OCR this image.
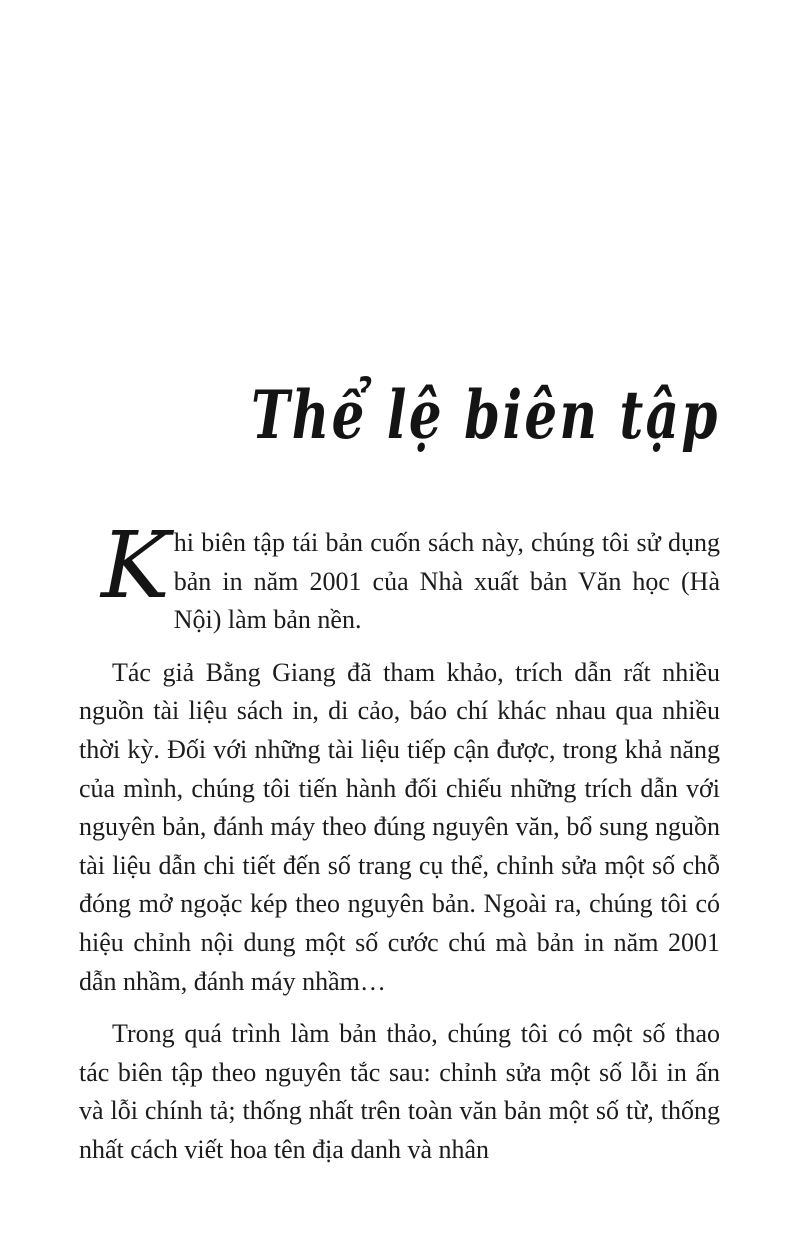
Thể lệ biên tập

Khi biên tập tái bản cuốn sách này, chúng tôi sử dụng bản in năm 2001 của Nhà xuất bản Văn học (Hà Nội) làm bản nền.

Tác giả Bằng Giang đã tham khảo, trích dẫn rất nhiều nguồn tài liệu sách in, di cảo, báo chí khác nhau qua nhiều thời kỳ. Đối với những tài liệu tiếp cận được, trong khả năng của mình, chúng tôi tiến hành đối chiếu những trích dẫn với nguyên bản, đánh máy theo đúng nguyên văn, bổ sung nguồn tài liệu dẫn chi tiết đến số trang cụ thể, chỉnh sửa một số chỗ đóng mở ngoặc kép theo nguyên bản. Ngoài ra, chúng tôi có hiệu chỉnh nội dung một số cước chú mà bản in năm 2001 dẫn nhầm, đánh máy nhầm…

Trong quá trình làm bản thảo, chúng tôi có một số thao tác biên tập theo nguyên tắc sau: chỉnh sửa một số lỗi in ấn và lỗi chính tả; thống nhất trên toàn văn bản một số từ, thống nhất cách viết hoa tên địa danh và nhân
